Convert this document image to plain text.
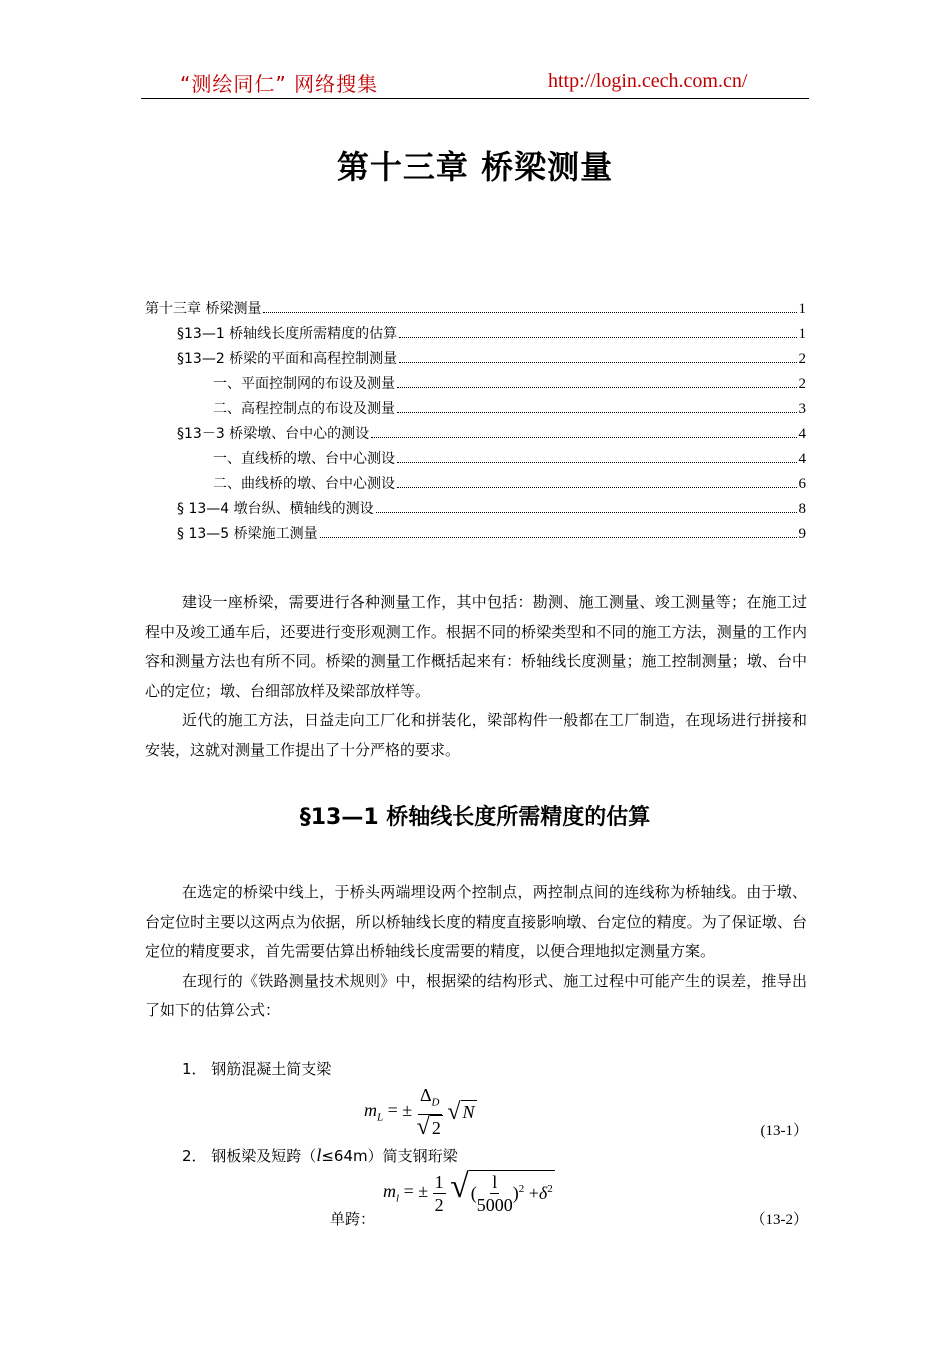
“测绘同仁” 网络搜集	http://login.cech.com.cn/
第十三章 桥梁测量
第十三章 桥梁测量	1
§13—1 桥轴线长度所需精度的估算	1
§13—2 桥梁的平面和高程控制测量	2
一、平面控制网的布设及测量	2
二、高程控制点的布设及测量	3
§13－3 桥梁墩、台中心的测设	4
一、直线桥的墩、台中心测设	4
二、曲线桥的墩、台中心测设	6
§ 13—4 墩台纵、横轴线的测设	8
§ 13—5 桥梁施工测量	9

建设一座桥梁，需要进行各种测量工作，其中包括：勘测、施工测量、竣工测量等；在施工过程中及竣工通车后，还要进行变形观测工作。根据不同的桥梁类型和不同的施工方法，测量的工作内容和测量方法也有所不同。桥梁的测量工作概括起来有：桥轴线长度测量；施工控制测量；墩、台中心的定位；墩、台细部放样及梁部放样等。

近代的施工方法，日益走向工厂化和拼装化，梁部构件一般都在工厂制造，在现场进行拼接和安装，这就对测量工作提出了十分严格的要求。

§13—1 桥轴线长度所需精度的估算

在选定的桥梁中线上，于桥头两端埋设两个控制点，两控制点间的连线称为桥轴线。由于墩、台定位时主要以这两点为依据，所以桥轴线长度的精度直接影响墩、台定位的精度。为了保证墩、台定位的精度要求，首先需要估算出桥轴线长度需要的精度，以便合理地拟定测量方案。

在现行的《铁路测量技术规则》中，根据梁的结构形式、施工过程中可能产生的误差，推导出了如下的估算公式：

1． 钢筋混凝土简支梁
$m_L$ = ± $\frac{\Delta_D}{√ 2}$
√ N
(13-1）
2． 钢板梁及短跨（l≤64m）简支钢珩梁
$m_l$ = ± $\frac{1}{2}$
√ ( $\frac{l}{5000} )^2 + \delta^2$
单跨：	（13-2）
